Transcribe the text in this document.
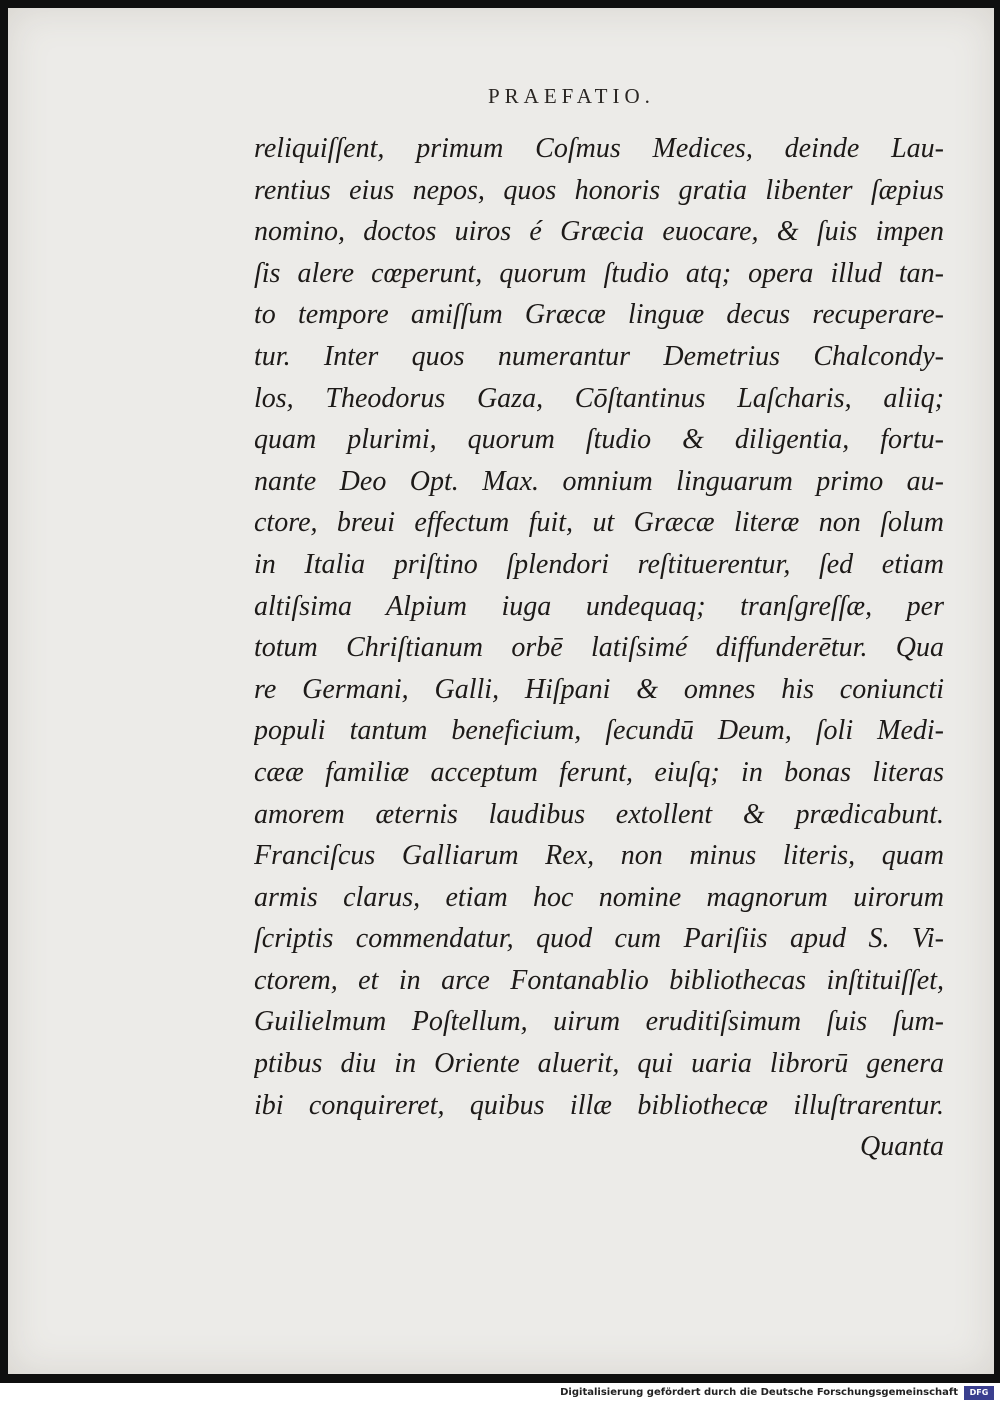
PRAEFATIO.
reliquiſſent, primum Coſmus Medices, deinde Lau-
rentius eius nepos, quos honoris gratia libenter ſæpius
nomino, doctos uiros é Græcia euocare, & ſuis impen
ſis alere cœperunt, quorum ſtudio atq; opera illud tan-
to tempore amiſſum Græcæ linguæ decus recuperare-
tur. Inter quos numerantur Demetrius Chalcondy-
los, Theodorus Gaza, Cōſtantinus Laſcharis, aliiq;
quam plurimi, quorum ſtudio & diligentia, fortu-
nante Deo Opt. Max. omnium linguarum primo au-
ctore, breui effectum fuit, ut Græcæ literæ non ſolum
in Italia priſtino ſplendori reſtituerentur, ſed etiam
altiſsima Alpium iuga undequaq; tranſgreſſæ, per
totum Chriſtianum orbē latiſsimé diffunderētur. Qua
re Germani, Galli, Hiſpani & omnes his coniuncti
populi tantum beneficium, ſecundū Deum, ſoli Medi-
cææ familiæ acceptum ferunt, eiuſq; in bonas literas
amorem æternis laudibus extollent & prædicabunt.
Franciſcus Galliarum Rex, non minus literis, quam
armis clarus, etiam hoc nomine magnorum uirorum
ſcriptis commendatur, quod cum Pariſiis apud S. Vi-
ctorem, et in arce Fontanablio bibliothecas inſtituiſſet,
Guilielmum Poſtellum, uirum eruditiſsimum ſuis ſum-
ptibus diu in Oriente aluerit, qui uaria librorū genera
ibi conquireret, quibus illæ bibliothecæ illuſtrarentur.
Quanta
Digitalisierung gefördert durch die Deutsche Forschungsgemeinschaft	DFG
